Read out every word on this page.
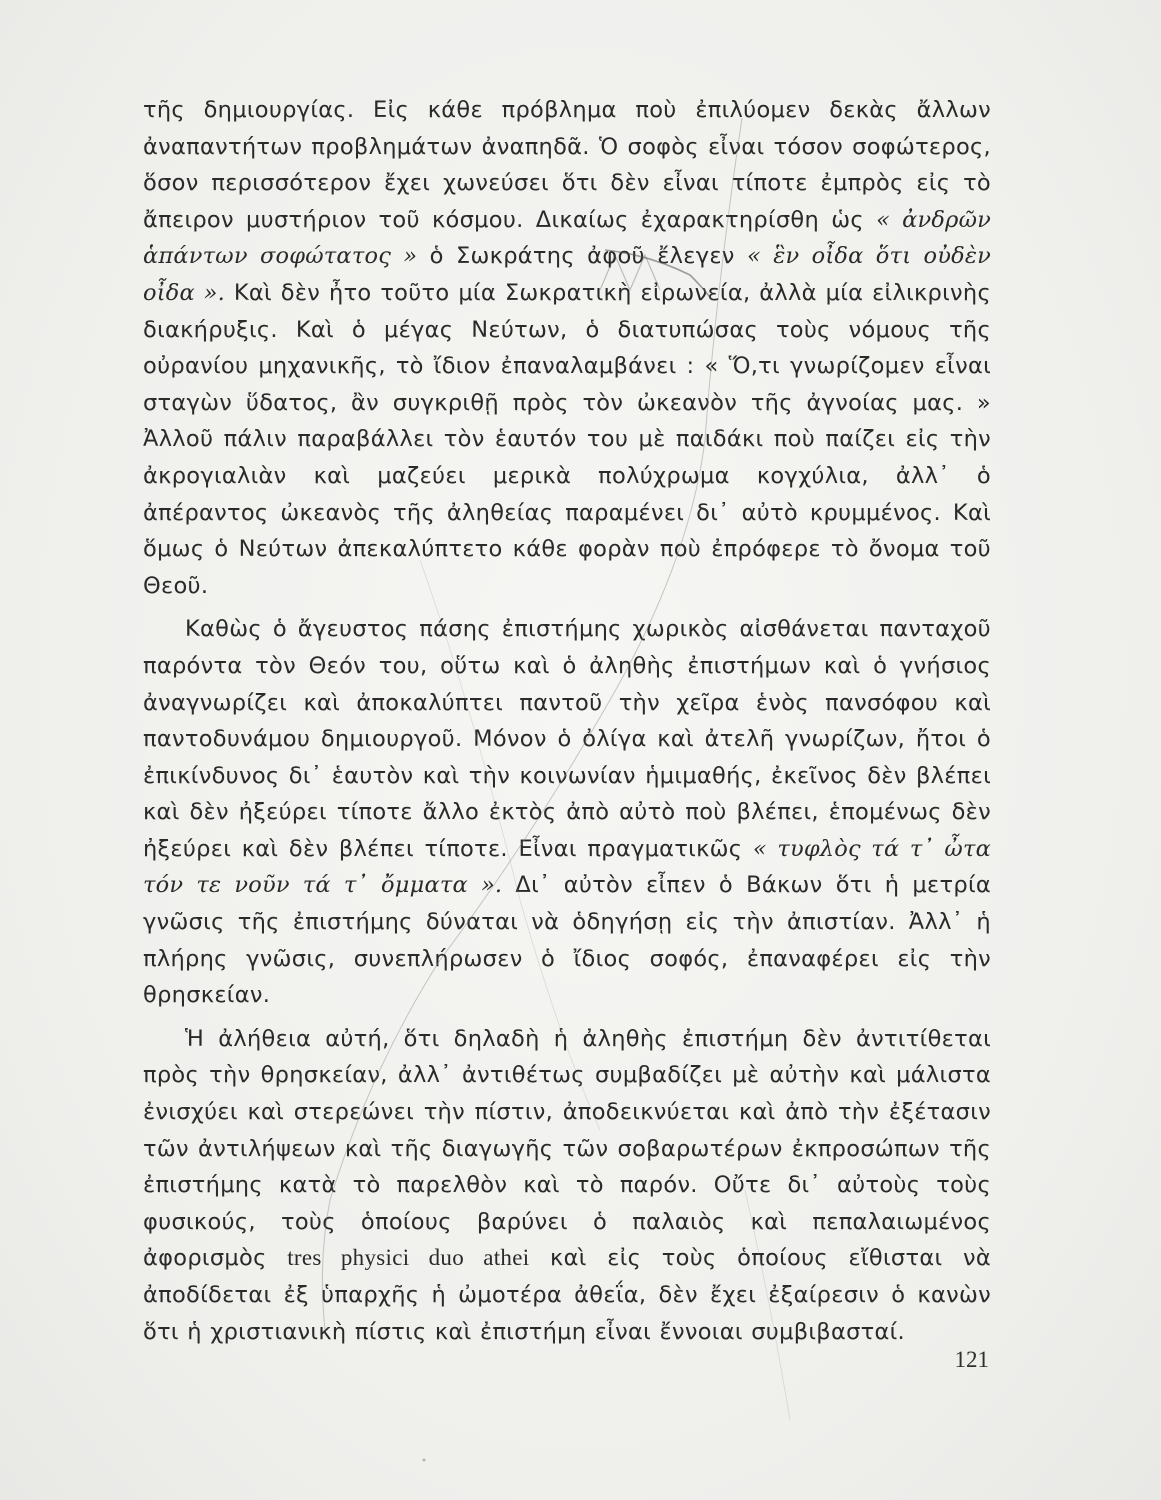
τῆς δημιουργίας. Εἰς κάθε πρόβλημα ποὺ ἐπιλύομεν δεκὰς ἄλλων ἀναπαντήτων προβλημάτων ἀναπηδᾶ. Ὁ σοφὸς εἶναι τόσον σοφώτερος, ὅσον περισσότερον ἔχει χωνεύσει ὅτι δὲν εἶναι τίποτε ἐμπρὸς εἰς τὸ ἄπειρον μυστήριον τοῦ κόσμου. Δικαίως ἐχαρακτηρίσθη ὡς « ἀνδρῶν ἁπάντων σοφώτατος » ὁ Σωκράτης ἀφοῦ ἔλεγεν « ἓν οἶδα ὅτι οὐδὲν οἶδα ». Καὶ δὲν ἦτο τοῦτο μία Σωκρατικὴ εἰρωνεία, ἀλλὰ μία εἰλικρινὴς διακήρυξις. Καὶ ὁ μέγας Νεύτων, ὁ διατυπώσας τοὺς νόμους τῆς οὐρανίου μηχανικῆς, τὸ ἴδιον ἐπαναλαμβάνει : « Ὅ,τι γνωρίζομεν εἶναι σταγὼν ὕδατος, ἂν συγκριθῇ πρὸς τὸν ὠκεανὸν τῆς ἀγνοίας μας. » Ἀλλοῦ πάλιν παραβάλλει τὸν ἑαυτόν του μὲ παιδάκι ποὺ παίζει εἰς τὴν ἀκρογιαλιὰν καὶ μαζεύει μερικὰ πολύχρωμα κογχύλια, ἀλλ᾽ ὁ ἀπέραντος ὠκεανὸς τῆς ἀληθείας παραμένει δι᾽ αὐτὸ κρυμμένος. Καὶ ὅμως ὁ Νεύτων ἀπεκαλύπτετο κάθε φορὰν ποὺ ἐπρόφερε τὸ ὄνομα τοῦ Θεοῦ.

Καθὼς ὁ ἄγευστος πάσης ἐπιστήμης χωρικὸς αἰσθάνεται πανταχοῦ παρόντα τὸν Θεόν του, οὕτω καὶ ὁ ἀληθὴς ἐπιστήμων καὶ ὁ γνήσιος ἀναγνωρίζει καὶ ἀποκαλύπτει παντοῦ τὴν χεῖρα ἑνὸς πανσόφου καὶ παντοδυνάμου δημιουργοῦ. Μόνον ὁ ὀλίγα καὶ ἀτελῆ γνωρίζων, ἤτοι ὁ ἐπικίνδυνος δι᾽ ἑαυτὸν καὶ τὴν κοινωνίαν ἡμιμαθής, ἐκεῖνος δὲν βλέπει καὶ δὲν ἠξεύρει τίποτε ἄλλο ἐκτὸς ἀπὸ αὐτὸ ποὺ βλέπει, ἑπομένως δὲν ἠξεύρει καὶ δὲν βλέπει τίποτε. Εἶναι πραγματικῶς « τυφλὸς τά τ᾽ ὦτα τόν τε νοῦν τά τ᾽ ὄμματα ». Δι᾽ αὐτὸν εἶπεν ὁ Βάκων ὅτι ἡ μετρία γνῶσις τῆς ἐπιστήμης δύναται νὰ ὁδηγήσῃ εἰς τὴν ἀπιστίαν. Ἀλλ᾽ ἡ πλήρης γνῶσις, συνεπλήρωσεν ὁ ἴδιος σοφός, ἐπαναφέρει εἰς τὴν θρησκείαν.

Ἡ ἀλήθεια αὐτή, ὅτι δηλαδὴ ἡ ἀληθὴς ἐπιστήμη δὲν ἀντιτίθεται πρὸς τὴν θρησκείαν, ἀλλ᾽ ἀντιθέτως συμβαδίζει μὲ αὐτὴν καὶ μάλιστα ἐνισχύει καὶ στερεώνει τὴν πίστιν, ἀποδεικνύεται καὶ ἀπὸ τὴν ἐξέτασιν τῶν ἀντιλήψεων καὶ τῆς διαγωγῆς τῶν σοβαρωτέρων ἐκπροσώπων τῆς ἐπιστήμης κατὰ τὸ παρελθὸν καὶ τὸ παρόν. Οὔτε δι᾽ αὐτοὺς τοὺς φυσικούς, τοὺς ὁποίους βαρύνει ὁ παλαιὸς καὶ πεπαλαιωμένος ἀφορισμὸς tres physici duo athei καὶ εἰς τοὺς ὁποίους εἴθισται νὰ ἀποδίδεται ἐξ ὑπαρχῆς ἡ ὠμοτέρα ἀθεΐα, δὲν ἔχει ἐξαίρεσιν ὁ κανὼν ὅτι ἡ χριστιανικὴ πίστις καὶ ἐπιστήμη εἶναι ἔννοιαι συμβιβασταί.

121
